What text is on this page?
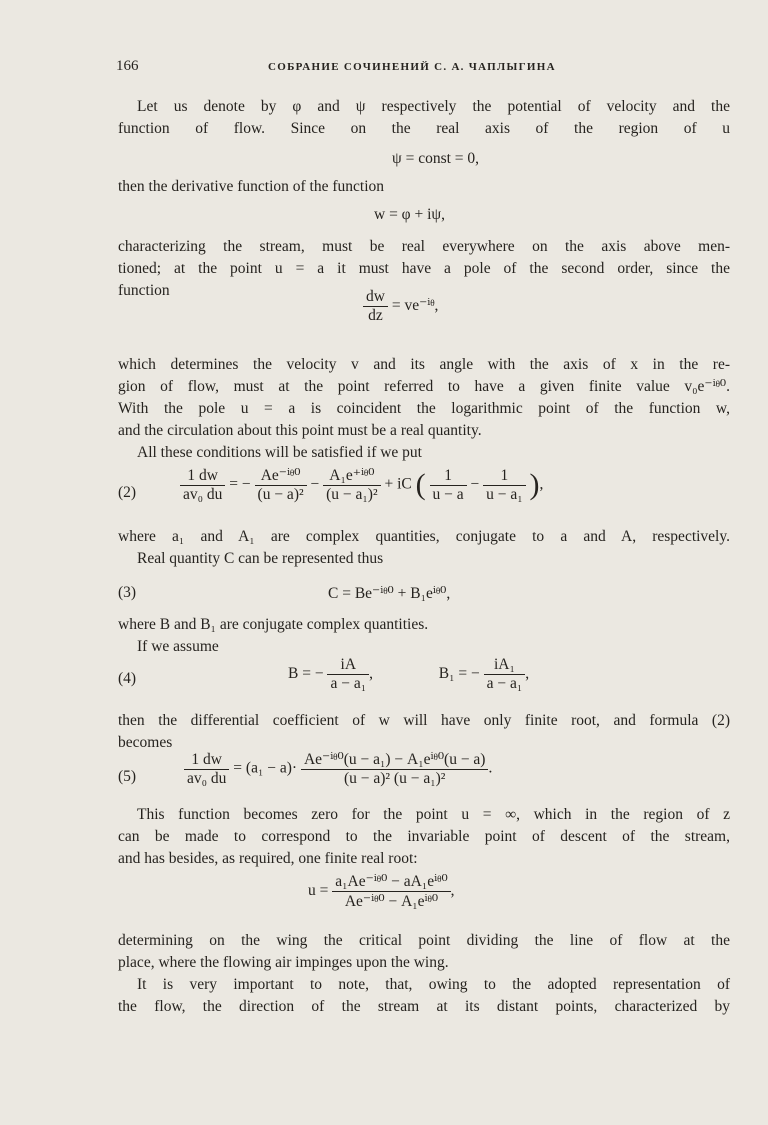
166	СОБРАНИЕ СОЧИНЕНИЙ С. А. ЧАПЛЫГИНА
Let us denote by φ and ψ respectively the potential of velocity and the
function of flow. Since on the real axis of the region of u
ψ = const = 0,
then the derivative function of the function
w = φ + iψ,
characterizing the stream, must be real everywhere on the axis above men-
tioned; at the point u = a it must have a pole of the second order, since the
function	$\frac{dw}{dz}$ = ve⁻ⁱᶿ,
which determines the velocity v and its angle with the axis of x in the re-
gion of flow, must at the point referred to have a given finite value v₀e⁻ⁱᶿ⁰.
With the pole u = a is coincident the logarithmic point of the function w,
and the circulation about this point must be a real quantity.
All these conditions will be satisfied if we put
(2)	$\frac{1 dw}{\text{av₀ du}}$ = − $\frac{\text{Ae⁻ⁱᶿ⁰}}{\text{(u − a)²}} - \frac{\text{A₁e⁺ⁱᶿ⁰}}{\text{(u − a₁)²}}$ + iC ( $\frac{1}{u - a} - \frac{1}{\text{u − a₁}}$ ),
where a₁ and A₁ are complex quantities, conjugate to a and A, respectively.
Real quantity C can be represented thus
(3)	C = Be⁻ⁱᶿ⁰ + B₁eⁱᶿ⁰,
where B and B₁ are conjugate complex quantities.
If we assume
(4)	B = − $\frac{iA}{\text{a − a₁}}$ ,	B₁ = − $\frac{\text{iA₁}}{\text{a − a₁}}$ ,
then the differential coefficient of w will have only finite root, and formula (2)
becomes
(5)	$\frac{1 dw}{\text{av₀ du}} = (a_1 - a)\cdot \frac{\text{Ae⁻ⁱᶿ⁰(u − a₁) − A₁eⁱᶿ⁰(u − a)}}{\text{(u − a)² (u − a₁)²}}$ .
This function becomes zero for the point u = ∞, which in the region of z
can be made to correspond to the invariable point of descent of the stream,
and has besides, as required, one finite real root:
$u = \frac{\text{a₁Ae⁻ⁱᶿ⁰ − aA₁eⁱᶿ⁰}}{\text{Ae⁻ⁱᶿ⁰ − A₁eⁱᶿ⁰}}$ ,
determining on the wing the critical point dividing the line of flow at the
place, where the flowing air impinges upon the wing.
It is very important to note, that, owing to the adopted representation of
the flow, the direction of the stream at its distant points, characterized by
